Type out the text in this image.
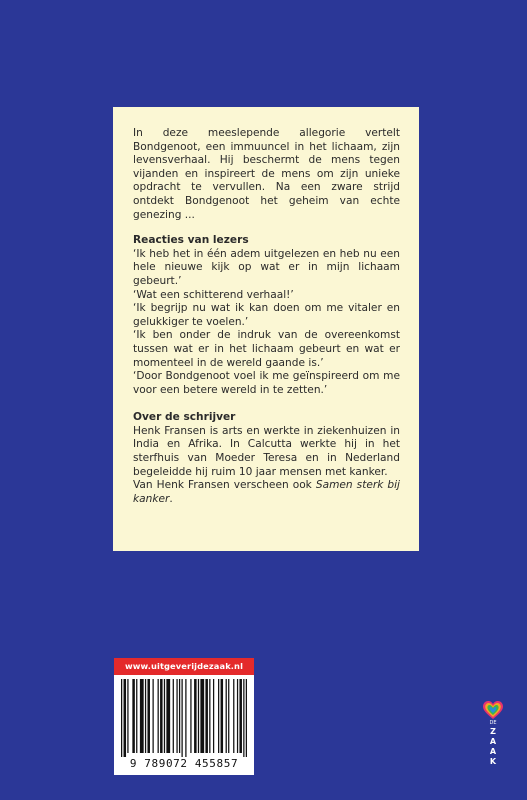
In deze meeslepende allegorie vertelt Bondgenoot, een immuuncel in het lichaam, zijn levensverhaal. Hij beschermt de mens tegen vijanden en inspireert de mens om zijn unieke opdracht te vervullen. Na een zware strijd ontdekt Bondgenoot het geheim van echte genezing ...

Reacties van lezers

‘Ik heb het in één adem uitgelezen en heb nu een hele nieuwe kijk op wat er in mijn lichaam gebeurt.’

‘Wat een schitterend verhaal!’

‘Ik begrijp nu wat ik kan doen om me vitaler en gelukkiger te voelen.’

‘Ik ben onder de indruk van de overeenkomst tussen wat er in het lichaam gebeurt en wat er momenteel in de wereld gaande is.’

‘Door Bondgenoot voel ik me geïnspireerd om me voor een betere wereld in te zetten.’

Over de schrijver

Henk Fransen is arts en werkte in ziekenhuizen in India en Afrika. In Calcutta werkte hij in het sterfhuis van Moeder Teresa en in Nederland begeleidde hij ruim 10 jaar mensen met kanker.

Van Henk Fransen verscheen ook Samen sterk bij kanker.

www.uitgeverijdezaak.nl
9 789072 455857
DE
Z
A
A
K
